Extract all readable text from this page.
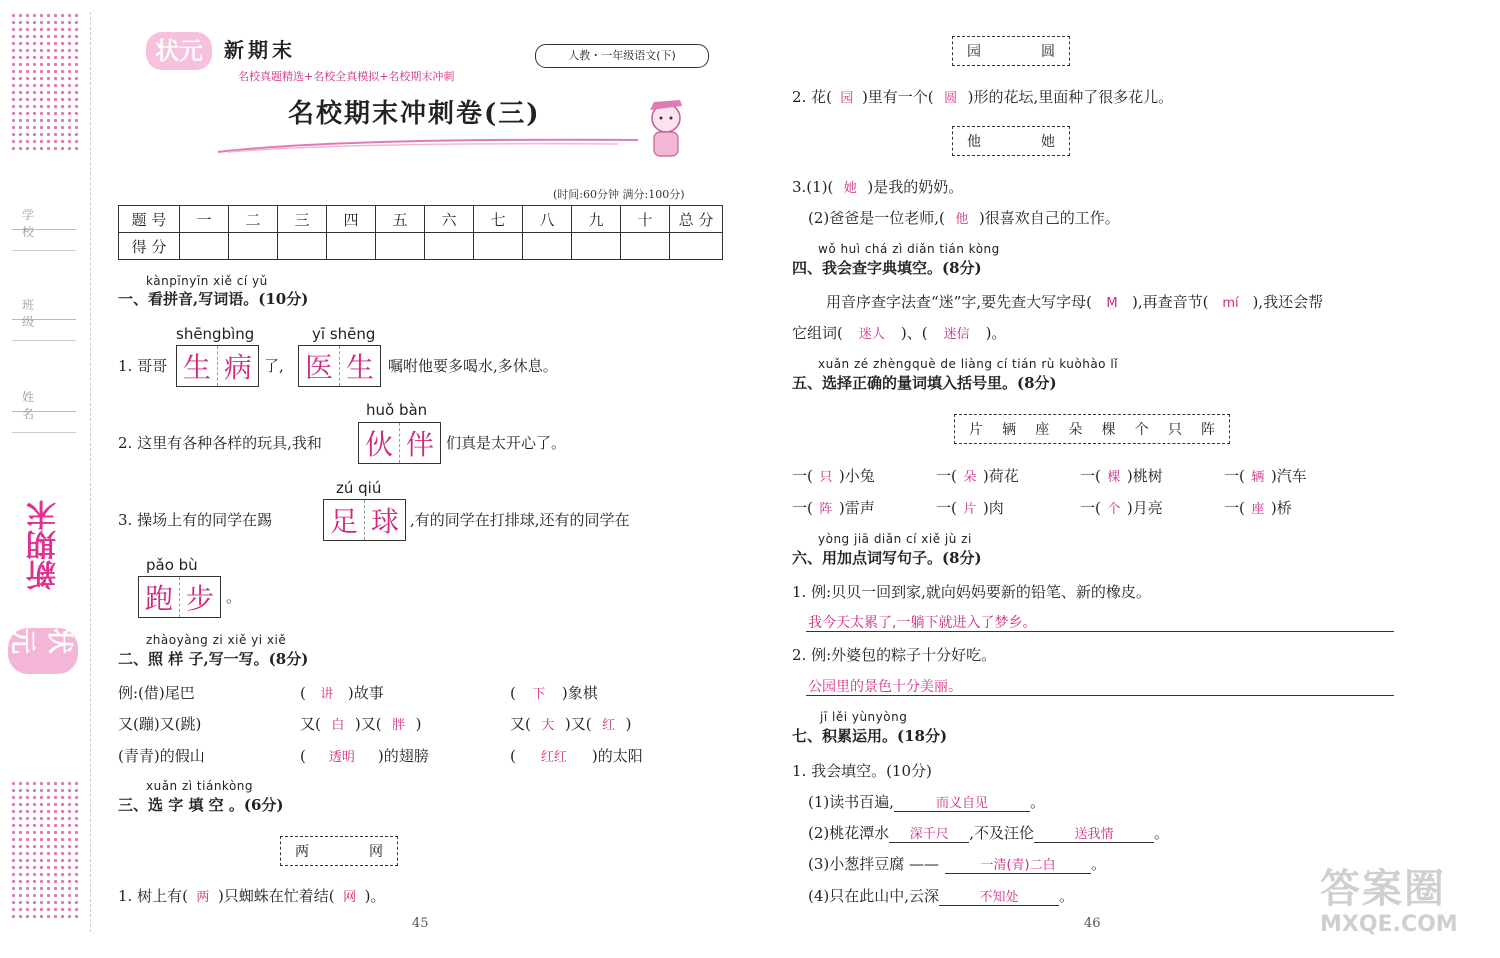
学校
班级
姓名
新期末
状元
状元	新期末
名校真题精选+名校全真模拟+名校期末冲刺
人教・一年级语文(下)
名校期末冲刺卷(三)
(时间:60分钟 满分:100分)
题 号	一	二	三	四	五	六	七	八	九	十	总 分
得 分											
kànpīnyīn xiě cí yǔ
一、看拼音,写词语。(10分)
1. 哥哥
shēngbìng
生 病 了,
yī shēng
医 生 嘱咐他要多喝水,多休息。
2. 这里有各种各样的玩具,我和
huǒ bàn
伙 伴 们真是太开心了。
3. 操场上有的同学在踢
zú qiú
足 球 ,有的同学在打排球,还有的同学在
pǎo bù
跑 步 。
zhàoyàng zi xiě yi xiě
二、照 样 子,写一写。(8分)
例:(借)尾巴	( 讲 )故事	( 下 )象棋
又(蹦)又(跳)	又( 白 )又( 胖 )	又( 大 )又( 红 )
(青青)的假山	( 透明 )的翅膀	( 红红 )的太阳
xuǎn zì tiánkòng
三、选 字 填 空 。(6分)
两	网
1. 树上有( 两 )只蜘蛛在忙着结( 网 )。
45
园	圆
2. 花( 园 )里有一个( 圆 )形的花坛,里面种了很多花儿。
他	她
3.(1)( 她 )是我的奶奶。
(2)爸爸是一位老师,( 他 )很喜欢自己的工作。
wǒ huì chá zì diǎn tián kòng
四、我会查字典填空。(8分)
用音序查字法查“迷”字,要先查大写字母( M ),再查音节( mí ),我还会帮
它组词( 迷人 )、( 迷信 )。
xuǎn zé zhèngquè de liàng cí tián rù kuòhào lǐ
五、选择正确的量词填入括号里。(8分)
片 辆 座 朵 棵 个 只 阵
一( 只 )小兔	一( 朵 )荷花	一( 棵 )桃树	一( 辆 )汽车
一( 阵 )雷声	一( 片 )肉	一( 个 )月亮	一( 座 )桥
yòng jiā diǎn cí xiě jù zi
六、用加点词写句子。(8分)
1. 例:贝贝一回到家,就向妈妈要新的铅笔、新的橡皮。
我今天太累了,一躺下就进入了梦乡。
2. 例:外婆包的粽子十分好吃。
公园里的景色十分美丽。
jī lěi yùnyòng
七、积累运用。(18分)
1. 我会填空。(10分)
(1)读书百遍,	而义自见	。
(2)桃花潭水 深千尺 ,不及汪伦	送我情	。
(3)小葱拌豆腐 ——	一清(青)二白 。
(4)只在此山中,云深	不知处	。
46
答案圈
MXQE.COM
